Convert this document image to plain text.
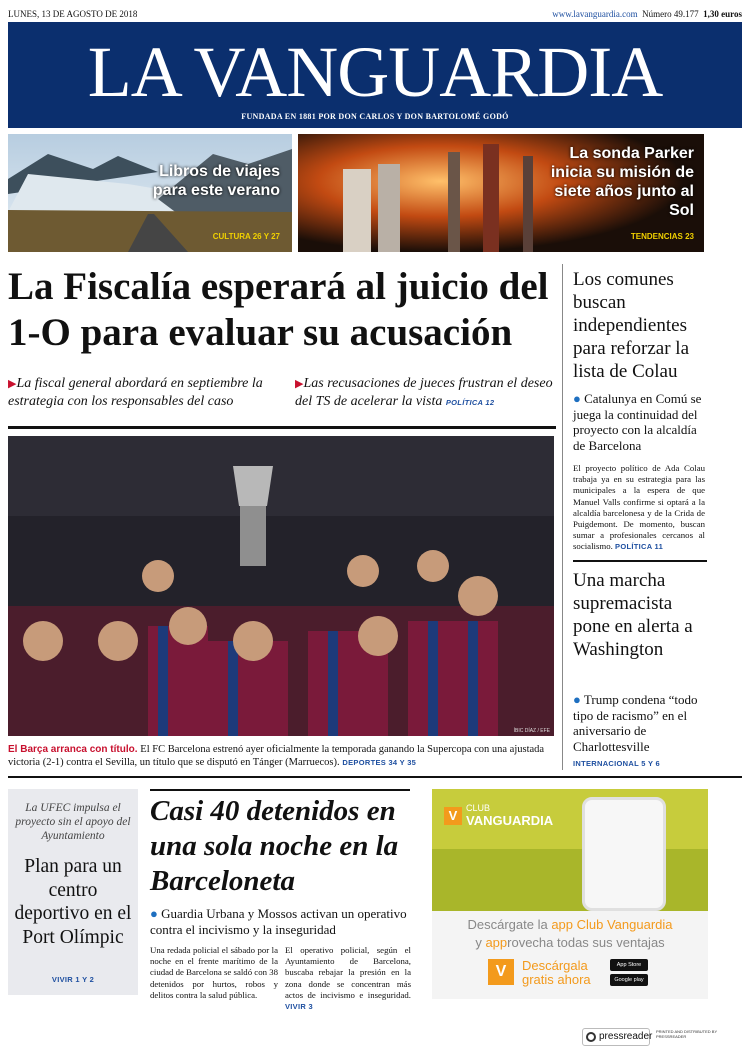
LUNES, 13 DE AGOSTO DE 2018	www.lavanguardia.com Número 49.177 1,30 euros
LA VANGUARDIA
FUNDADA EN 1881 POR DON CARLOS Y DON BARTOLOMÉ GODÓ
Libros de viajes para este verano
CULTURA 26 Y 27
La sonda Parker inicia su misión de siete años junto al Sol
TENDENCIAS 23
La Fiscalía esperará al juicio del 1-O para evaluar su acusación
▶La fiscal general abordará en septiembre la estrategia con los responsables del caso
▶Las recusaciones de jueces frustran el deseo del TS de acelerar la vista POLÍTICA 12
ÍBIC DÍAZ / EFE
El Barça arranca con título. El FC Barcelona estrenó ayer oficialmente la temporada ganando la Supercopa con una ajustada victoria (2-1) contra el Sevilla, un título que se disputó en Tánger (Marruecos). DEPORTES 34 Y 35
Los comunes buscan independientes para reforzar la lista de Colau
● Catalunya en Comú se juega la continuidad del proyecto con la alcaldía de Barcelona
El proyecto político de Ada Colau trabaja ya en su estrategia para las municipales a la espera de que Manuel Valls confirme si optará a la alcaldía barcelonesa y de la Crida de Puigdemont. De momento, buscan sumar a profesionales cercanos al socialismo. POLÍTICA 11
Una marcha supremacista pone en alerta a Washington
● Trump condena “todo tipo de racismo” en el aniversario de Charlottesville
INTERNACIONAL 5 Y 6
La UFEC impulsa el proyecto sin el apoyo del Ayuntamiento
Plan para un centro deportivo en el Port Olímpic
VIVIR 1 Y 2
Casi 40 detenidos en una sola noche en la Barceloneta
● Guardia Urbana y Mossos activan un operativo contra el incivismo y la inseguridad
Una redada policial el sábado por la noche en el frente marítimo de la ciudad de Barcelona se saldó con 38 detenidos por hurtos, robos y delitos contra la salud pública.
El operativo policial, según el Ayuntamiento de Barcelona, buscaba rebajar la presión en la zona donde se concentran más actos de incivismo e inseguridad. VIVIR 3
V CLUB
VANGUARDIA
Descárgate la app Club Vanguardia
y approvecha todas sus ventajas
V	Descárgala
gratis ahora
App Store
Google play
pressreader PRINTED AND DISTRIBUTED BY PRESSREADER
